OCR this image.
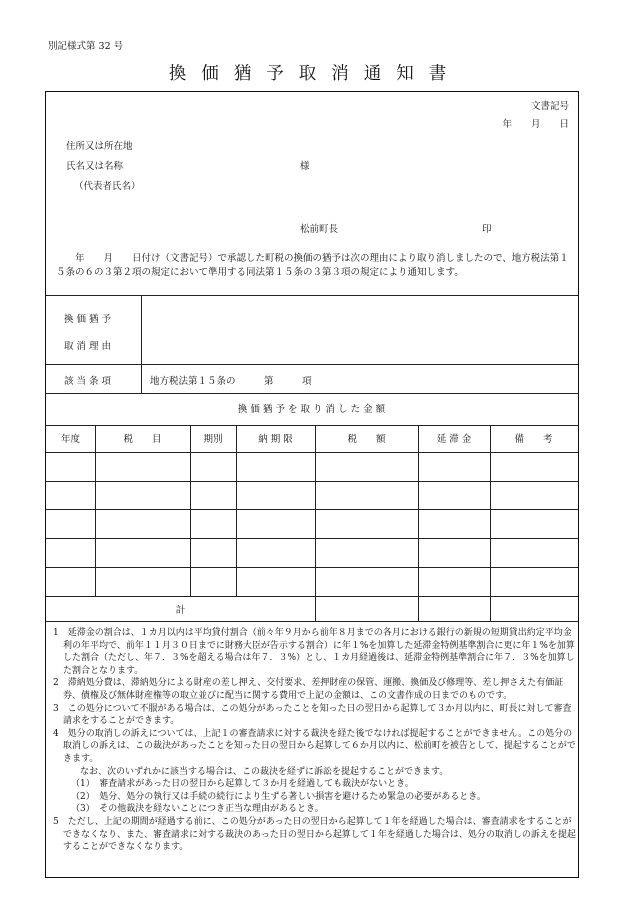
別記様式第 32 号
換価猶予取消通知書
文書記号
年　　月　　日
住所又は所在地
氏名又は名称	様
（代表者氏名）
松前町長	印
　　年　　月　　日付け（文書記号）で承認した町税の換価の猶予は次の理由により取り消しましたので、地方税法第１５条の６の３第２項の規定において準用する同法第１５条の３第３項の規定により通知します。
換 価 猶 予
取 消 理 由
該 当 条 項	地方税法第１５条の　　　第　　　項
換 価 猶 予 を 取 り 消 し た 金 額
年度	税　　目	期別	納 期 限	税　　額	延 滞 金	備　　考
計

1　延滞金の割合は、１カ月以内は平均貸付割合（前々年９月から前年８月までの各月における銀行の新規の短期貸出約定平均金利の年平均で、前年１１月３０日までに財務大臣が告示する割合）に年１%を加算した延滞金特例基準割合に更に年１%を加算した割合（ただし、年７．３%を超える場合は年７．３%）とし、１カ月経過後は、延滞金特例基準割合に年７．３%を加算した割合となります。

2　滞納処分費は、滞納処分による財産の差し押え、交付要求、差押財産の保管、運搬、換価及び修理等、差し押さえた有価証券、債権及び無体財産権等の取立並びに配当に関する費用で上記の金額は、この文書作成の日までのものです。

3　この処分について不服がある場合は、この処分があったことを知った日の翌日から起算して３か月以内に、町長に対して審査請求をすることができます。

4　処分の取消しの訴えについては、上記１の審査請求に対する裁決を経た後でなければ提起することができません。この処分の取消しの訴えは、この裁決があったことを知った日の翌日から起算して６か月以内に、松前町を被告として、提起することができます。

　なお、次のいずれかに該当する場合は、この裁決を経ずに訴訟を提起することができます。

（1）　審査請求があった日の翌日から起算して３か月を経過しても裁決がないとき。

（2）　処分、処分の執行又は手続の続行により生ずる著しい損害を避けるため緊急の必要があるとき。

（3）　その他裁決を経ないことにつき正当な理由があるとき。

5　ただし、上記の期間が経過する前に、この処分があった日の翌日から起算して１年を経過した場合は、審査請求をすることができなくなり、また、審査請求に対する裁決のあった日の翌日から起算して１年を経過した場合は、処分の取消しの訴えを提起することができなくなります。
